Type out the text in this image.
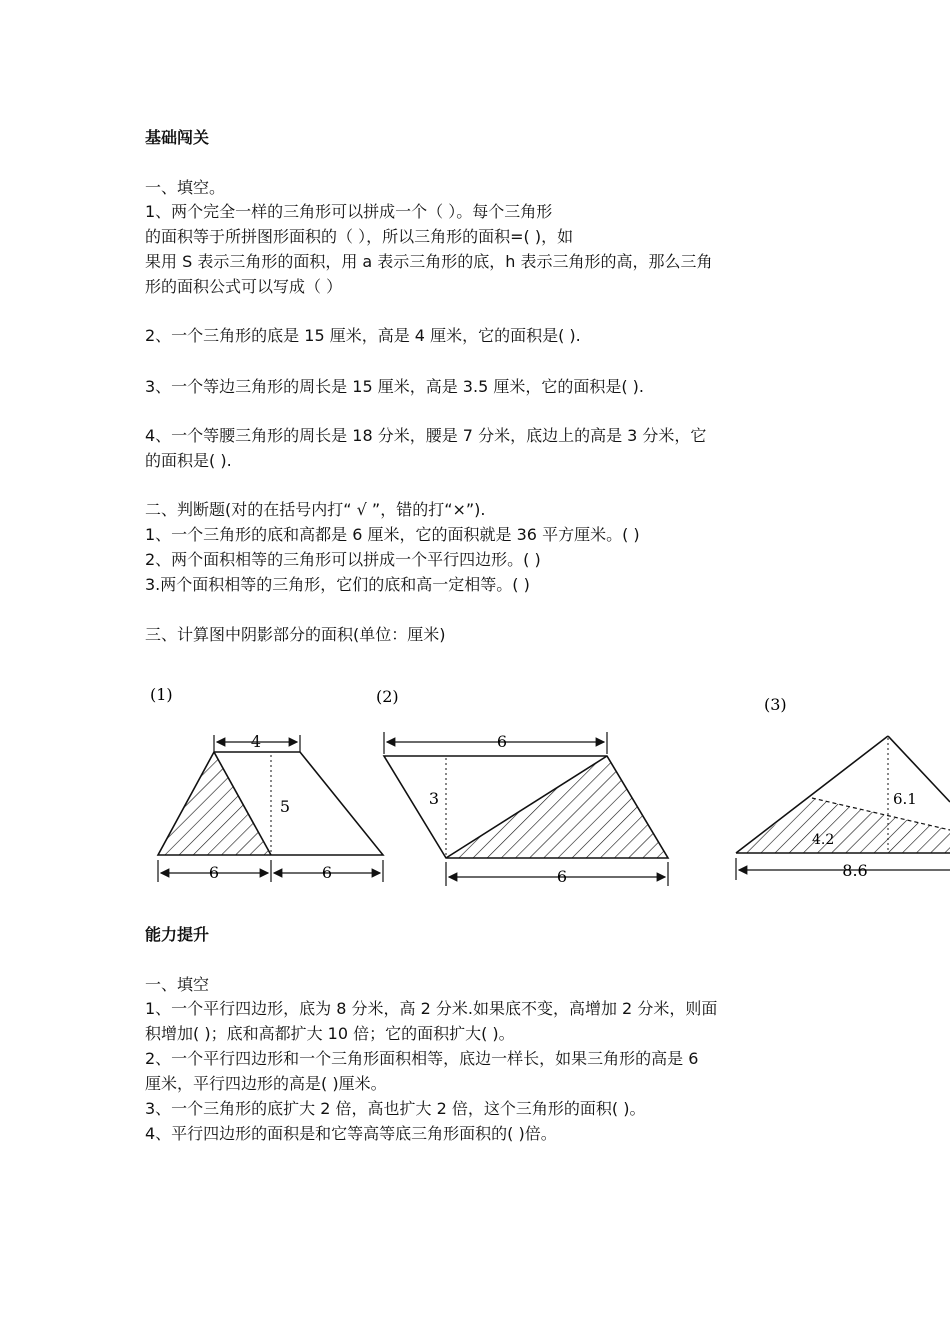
基础闯关
一、填空。
1、两个完全一样的三角形可以拼成一个（ ）。每个三角形
的面积等于所拼图形面积的（ ），所以三角形的面积=( )，如
果用 S 表示三角形的面积，用 a 表示三角形的底，h 表示三角形的高，那么三角
形的面积公式可以写成（ ）
2、一个三角形的底是 15 厘米，高是 4 厘米，它的面积是( ).
3、一个等边三角形的周长是 15 厘米，高是 3.5 厘米，它的面积是( ).
4、一个等腰三角形的周长是 18 分米，腰是 7 分米，底边上的高是 3 分米，它
的面积是( ).
二、判断题(对的在括号内打“ √ ”，错的打“×”).
1、一个三角形的底和高都是 6 厘米，它的面积就是 36 平方厘米。( )
2、两个面积相等的三角形可以拼成一个平行四边形。( )
3.两个面积相等的三角形，它们的底和高一定相等。( )
三、计算图中阴影部分的面积(单位：厘米)
能力提升
一、填空
1、一个平行四边形，底为 8 分米，高 2 分米.如果底不变，高增加 2 分米，则面
积增加( )；底和高都扩大 10 倍；它的面积扩大( )。
2、一个平行四边形和一个三角形面积相等，底边一样长，如果三角形的高是 6
厘米，平行四边形的高是( )厘米。
3、一个三角形的底扩大 2 倍，高也扩大 2 倍，这个三角形的面积( )。
4、平行四边形的面积是和它等高等底三角形面积的( )倍。
(1)
4
5
6	6
(2)
6
3
6
(3)
6.1
4.2
8.6
